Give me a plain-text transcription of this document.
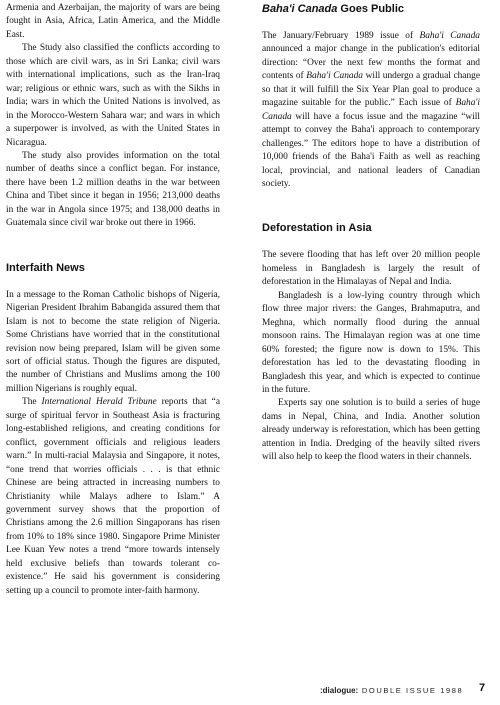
Armenia and Azerbaijan, the majority of wars are being fought in Asia, Africa, Latin America, and the Middle East.

The Study also classified the conflicts according to those which are civil wars, as in Sri Lanka; civil wars with international implications, such as the Iran-Iraq war; religious or ethnic wars, such as with the Sikhs in India; wars in which the United Nations is involved, as in the Morocco-Western Sahara war; and wars in which a superpower is involved, as with the United States in Nicaragua.

The study also provides information on the total number of deaths since a conflict began. For instance, there have been 1.2 million deaths in the war between China and Tibet since it began in 1956; 213,000 deaths in the war in Angola since 1975; and 138,000 deaths in Guatemala since civil war broke out there in 1966.

Interfaith News

In a message to the Roman Catholic bishops of Nigeria, Nigerian President Ibrahim Babangida assured them that Islam is not to become the state religion of Nigeria. Some Christians have worried that in the constitutional revision now being prepared, Islam will be given some sort of official status. Though the figures are disputed, the number of Christians and Muslims among the 100 million Nigerians is roughly equal.

The International Herald Tribune reports that “a surge of spiritual fervor in Southeast Asia is fracturing long-established religions, and creating conditions for conflict, government officials and religious leaders warn.” In multi-racial Malaysia and Singapore, it notes, “one trend that worries officials . . . is that ethnic Chinese are being attracted in increasing numbers to Christianity while Malays adhere to Islam.” A government survey shows that the proportion of Christians among the 2.6 million Singaporans has risen from 10% to 18% since 1980. Singapore Prime Minister Lee Kuan Yew notes a trend “more towards intensely held exclusive beliefs than towards tolerant co-existence.” He said his government is considering setting up a council to promote inter-faith harmony.

Baha'i Canada Goes Public

The January/February 1989 issue of Baha'i Canada announced a major change in the publication's editorial direction: “Over the next few months the format and contents of Baha'i Canada will undergo a gradual change so that it will fulfill the Six Year Plan goal to produce a magazine suitable for the public.” Each issue of Baha'i Canada will have a focus issue and the magazine “will attempt to convey the Baha'i approach to contemporary challenges.” The editors hope to have a distribution of 10,000 friends of the Baha'i Faith as well as reaching local, provincial, and national leaders of Canadian society.

Deforestation in Asia

The severe flooding that has left over 20 million people homeless in Bangladesh is largely the result of deforestation in the Himalayas of Nepal and India.

Bangladesh is a low-lying country through which flow three major rivers: the Ganges, Brahmaputra, and Meghna, which normally flood during the annual monsoon rains. The Himalayan region was at one time 60% forested; the figure now is down to 15%. This deforestation has led to the devastating flooding in Bangladesh this year, and which is expected to continue in the future.

Experts say one solution is to build a series of huge dams in Nepal, China, and India. Another solution already underway is reforestation, which has been getting attention in India. Dredging of the heavily silted rivers will also help to keep the flood waters in their channels.

:dialogue: DOUBLE ISSUE 1988	7
